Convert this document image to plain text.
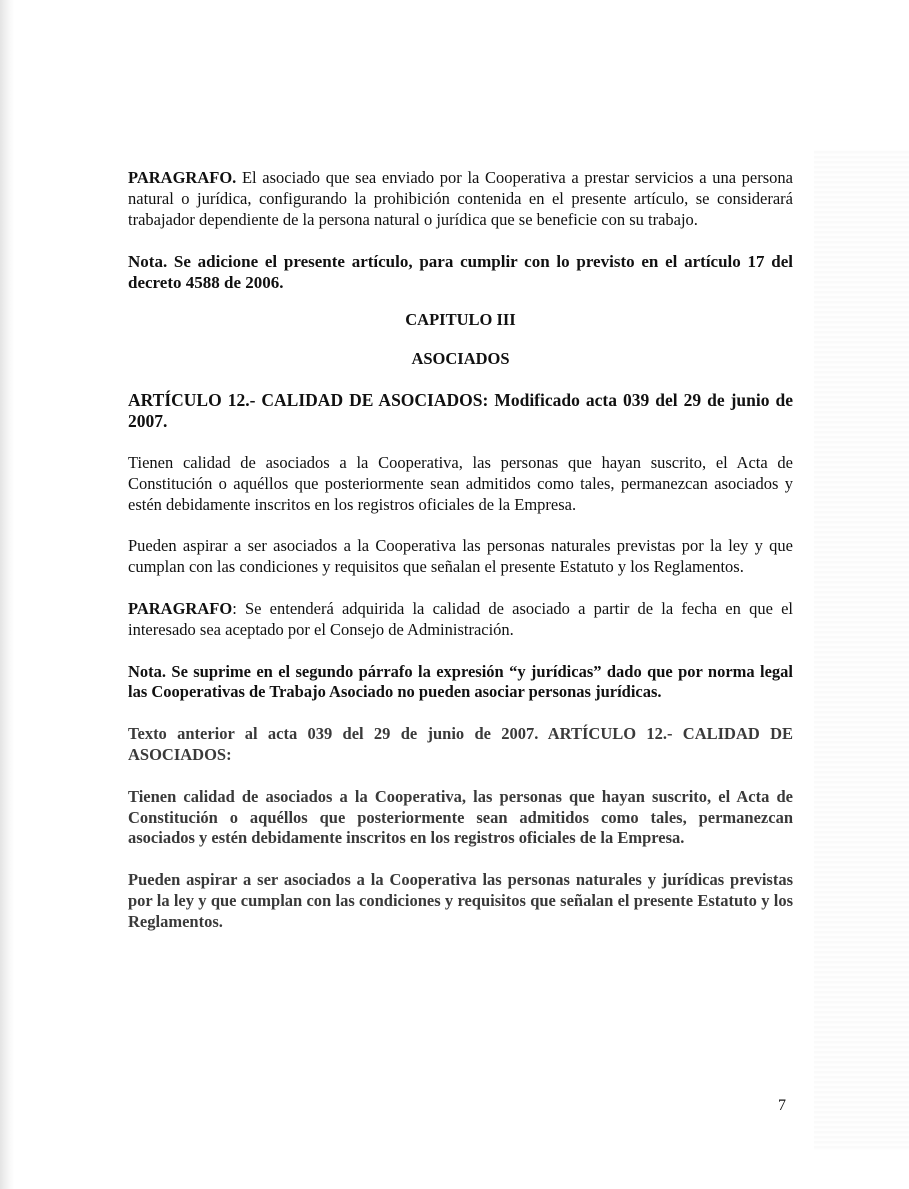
PARAGRAFO. El asociado que sea enviado por la Cooperativa a prestar servicios a una persona natural o jurídica, configurando la prohibición contenida en el presente artículo, se considerará trabajador dependiente de la persona natural o jurídica que se beneficie con su trabajo.

Nota. Se adicione el presente artículo, para cumplir con lo previsto en el artículo 17 del decreto 4588 de 2006.

CAPITULO III

ASOCIADOS

ARTÍCULO 12.- CALIDAD DE ASOCIADOS: Modificado acta 039 del 29 de junio de 2007.

Tienen calidad de asociados a la Cooperativa, las personas que hayan suscrito, el Acta de Constitución o aquéllos que posteriormente sean admitidos como tales, permanezcan asociados y estén debidamente inscritos en los registros oficiales de la Empresa.

Pueden aspirar a ser asociados a la Cooperativa las personas naturales previstas por la ley y que cumplan con las condiciones y requisitos que señalan el presente Estatuto y los Reglamentos.

PARAGRAFO: Se entenderá adquirida la calidad de asociado a partir de la fecha en que el interesado sea aceptado por el Consejo de Administración.

Nota. Se suprime en el segundo párrafo la expresión “y jurídicas” dado que por norma legal las Cooperativas de Trabajo Asociado no pueden asociar personas jurídicas.

Texto anterior al acta 039 del 29 de junio de 2007. ARTÍCULO 12.- CALIDAD DE ASOCIADOS:

Tienen calidad de asociados a la Cooperativa, las personas que hayan suscrito, el Acta de Constitución o aquéllos que posteriormente sean admitidos como tales, permanezcan asociados y estén debidamente inscritos en los registros oficiales de la Empresa.

Pueden aspirar a ser asociados a la Cooperativa las personas naturales y jurídicas previstas por la ley y que cumplan con las condiciones y requisitos que señalan el presente Estatuto y los Reglamentos.

7
